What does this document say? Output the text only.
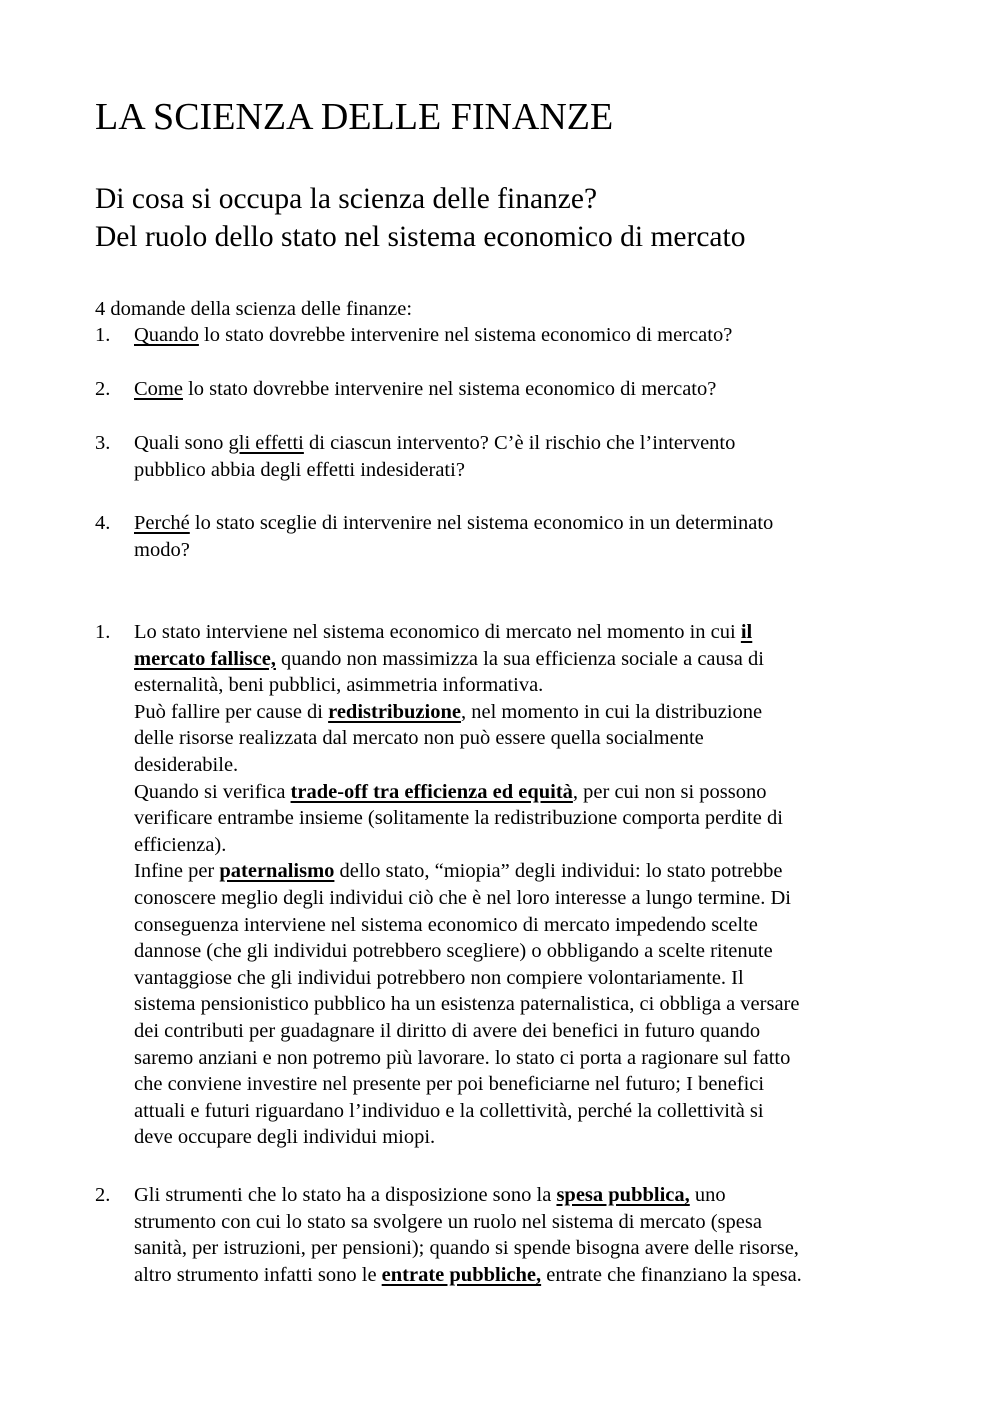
LA SCIENZA DELLE FINANZE
Di cosa si occupa la scienza delle finanze?
Del ruolo dello stato nel sistema economico di mercato
4 domande della scienza delle finanze:
1. Quando lo stato dovrebbe intervenire nel sistema economico di mercato?
2. Come lo stato dovrebbe intervenire nel sistema economico di mercato?
3. Quali sono gli effetti di ciascun intervento? C’è il rischio che l’intervento
pubblico abbia degli effetti indesiderati?
4. Perché lo stato sceglie di intervenire nel sistema economico in un determinato
modo?
1. Lo stato interviene nel sistema economico di mercato nel momento in cui il
mercato fallisce, quando non massimizza la sua efficienza sociale a causa di
esternalità, beni pubblici, asimmetria informativa.
Può fallire per cause di redistribuzione, nel momento in cui la distribuzione
delle risorse realizzata dal mercato non può essere quella socialmente
desiderabile.
Quando si verifica trade-off tra efficienza ed equità, per cui non si possono
verificare entrambe insieme (solitamente la redistribuzione comporta perdite di
efficienza).
Infine per paternalismo dello stato, “miopia” degli individui: lo stato potrebbe
conoscere meglio degli individui ciò che è nel loro interesse a lungo termine. Di
conseguenza interviene nel sistema economico di mercato impedendo scelte
dannose (che gli individui potrebbero scegliere) o obbligando a scelte ritenute
vantaggiose che gli individui potrebbero non compiere volontariamente. Il
sistema pensionistico pubblico ha un esistenza paternalistica, ci obbliga a versare
dei contributi per guadagnare il diritto di avere dei benefici in futuro quando
saremo anziani e non potremo più lavorare. lo stato ci porta a ragionare sul fatto
che conviene investire nel presente per poi beneficiarne nel futuro; I benefici
attuali e futuri riguardano l’individuo e la collettività, perché la collettività si
deve occupare degli individui miopi.
2. Gli strumenti che lo stato ha a disposizione sono la spesa pubblica, uno
strumento con cui lo stato sa svolgere un ruolo nel sistema di mercato (spesa
sanità, per istruzioni, per pensioni); quando si spende bisogna avere delle risorse,
altro strumento infatti sono le entrate pubbliche, entrate che finanziano la spesa.
